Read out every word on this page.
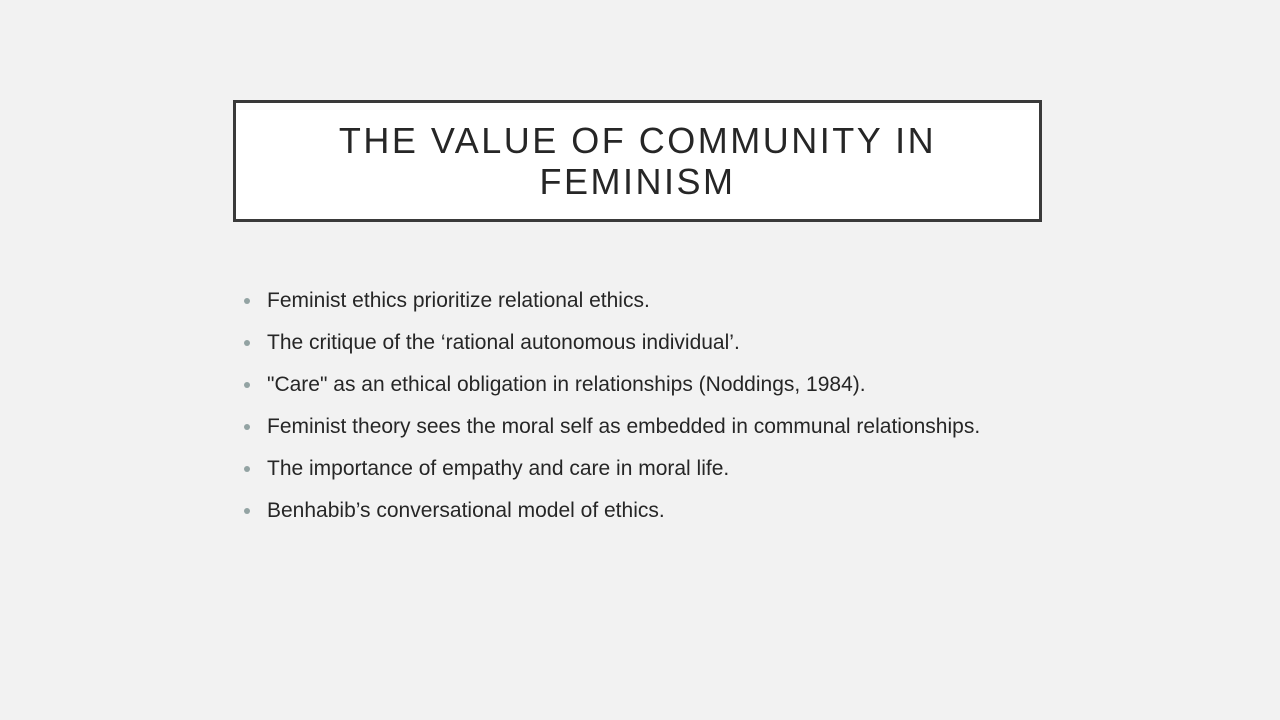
THE VALUE OF COMMUNITY IN FEMINISM
Feminist ethics prioritize relational ethics.
The critique of the ‘rational autonomous individual’.
"Care" as an ethical obligation in relationships (Noddings, 1984).
Feminist theory sees the moral self as embedded in communal relationships.
The importance of empathy and care in moral life.
Benhabib’s conversational model of ethics.
